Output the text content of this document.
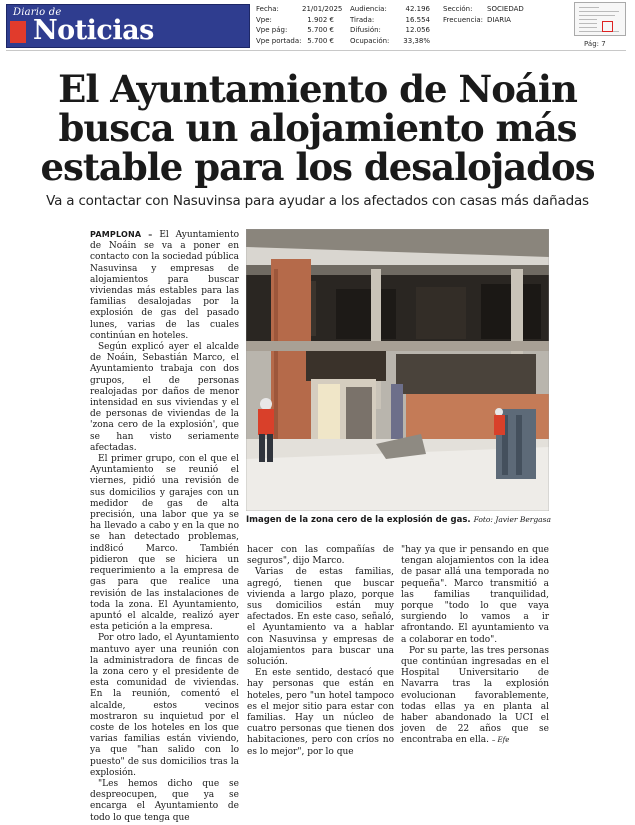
Diario de
Noticias
Fecha:	21/01/2025
Vpe:	1.902 €
Vpe pág:	5.700 €
Vpe portada: 5.700 €
Audiencia:	42.196
Tirada:	16.554
Difusión:	12.056
Ocupación:	33,38%
Sección:	SOCIEDAD
Frecuencia: DIARIA
Pág: 7
El Ayuntamiento de Noáin
busca un alojamiento más
estable para los desalojados
Va a contactar con Nasuvinsa para ayudar a los afectados con casas más dañadas

PAMPLONA – El Ayuntamiento de Noáin se va a poner en contacto con la sociedad pública Nasuvinsa y empresas de alojamientos para buscar viviendas más estables para las familias desalojadas por la explosión de gas del pasado lunes, varias de las cuales continúan en hoteles.

Según explicó ayer el alcalde de Noáin, Sebastián Marco, el Ayuntamiento trabaja con dos grupos, el de personas realojadas por daños de menor intensidad en sus viviendas y el de personas de viviendas de la 'zona cero de la explosión', que se han visto seriamente afectadas.

El primer grupo, con el que el Ayuntamiento se reunió el viernes, pidió una revisión de sus domicilios y garajes con un medidor de gas de alta precisión, una labor que ya se ha llevado a cabo y en la que no se han detectado problemas, ind8icó Marco. También pidieron que se hiciera un requerimiento a la empresa de gas para que realice una revisión de las instalaciones de toda la zona. El Ayuntamiento, apuntó el alcalde, realizó ayer esta petición a la empresa.

Por otro lado, el Ayuntamiento mantuvo ayer una reunión con la administradora de fincas de la zona cero y el presidente de esta comunidad de viviendas. En la reunión, comentó el alcalde, estos vecinos mostraron su inquietud por el coste de los hoteles en los que varias familias están viviendo, ya que "han salido con lo puesto" de sus domicilios tras la explosión.

"Les hemos dicho que se despreocupen, que ya se encarga el Ayuntamiento de todo lo que tenga que

Imagen de la zona cero de la explosión de gas. Foto: Javier Bergasa

hacer con las compañías de seguros", dijo Marco.

Varias de estas familias, agregó, tienen que buscar vivienda a largo plazo, porque sus domicilios están muy afectados. En este caso, señaló, el Ayuntamiento va a hablar con Nasuvinsa y empresas de alojamientos para buscar una solución.

En este sentido, destacó que hay personas que están en hoteles, pero "un hotel tampoco es el mejor sitio para estar con familias. Hay un núcleo de cuatro personas que tienen dos habitaciones, pero con críos no es lo mejor", por lo que

"hay ya que ir pensando en que tengan alojamientos con la idea de pasar allá una temporada no pequeña". Marco transmitió a las familias tranquilidad, porque "todo lo que vaya surgiendo lo vamos a ir afrontando. El ayuntamiento va a colaborar en todo".

Por su parte, las tres personas que continúan ingresadas en el Hospital Universitario de Navarra tras la explosión evolucionan favorablemente, todas ellas ya en planta al haber abandonado la UCI el joven de 22 años que se encontraba en ella. – Efe
